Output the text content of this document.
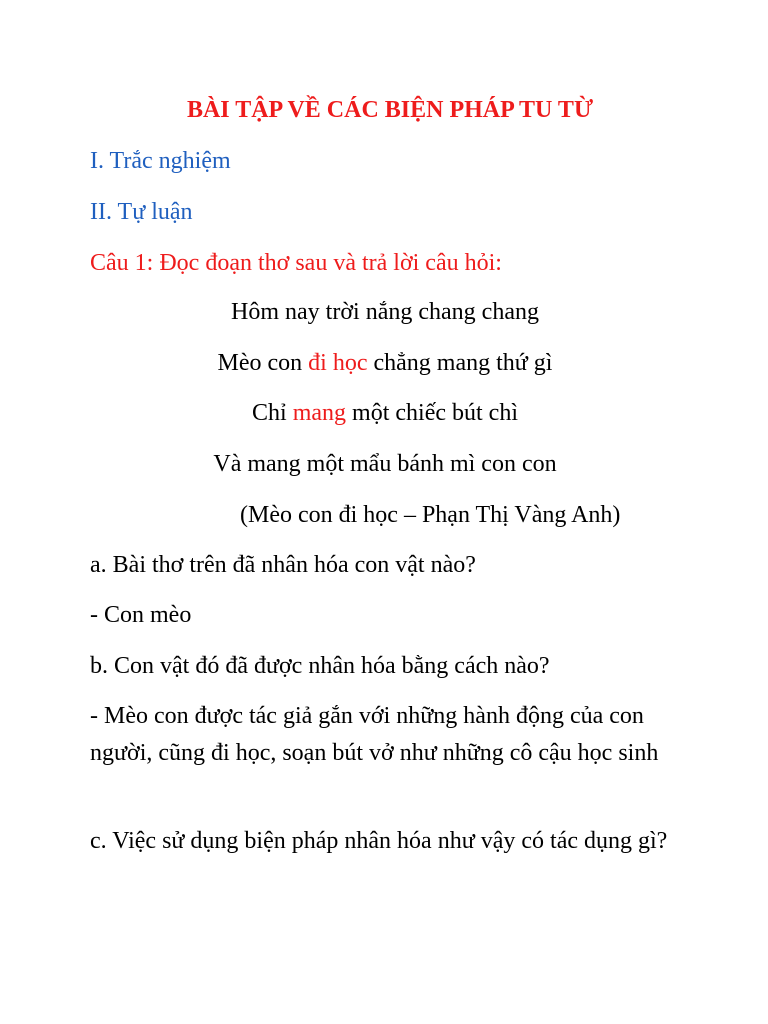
BÀI TẬP VỀ CÁC BIỆN PHÁP TU TỪ
I. Trắc nghiệm
II. Tự luận
Câu 1: Đọc đoạn thơ sau và trả lời câu hỏi:
Hôm nay trời nắng chang chang
Mèo con đi học chẳng mang thứ gì
Chỉ mang một chiếc bút chì
Và mang một mẩu bánh mì con con
(Mèo con đi học – Phạn Thị Vàng Anh)
a. Bài thơ trên đã nhân hóa con vật nào?
- Con mèo
b. Con vật đó đã được nhân hóa bằng cách nào?
- Mèo con được tác giả gắn với những hành động của con người, cũng đi học, soạn bút vở như những cô cậu học sinh
c. Việc sử dụng biện pháp nhân hóa như vậy có tác dụng gì?
